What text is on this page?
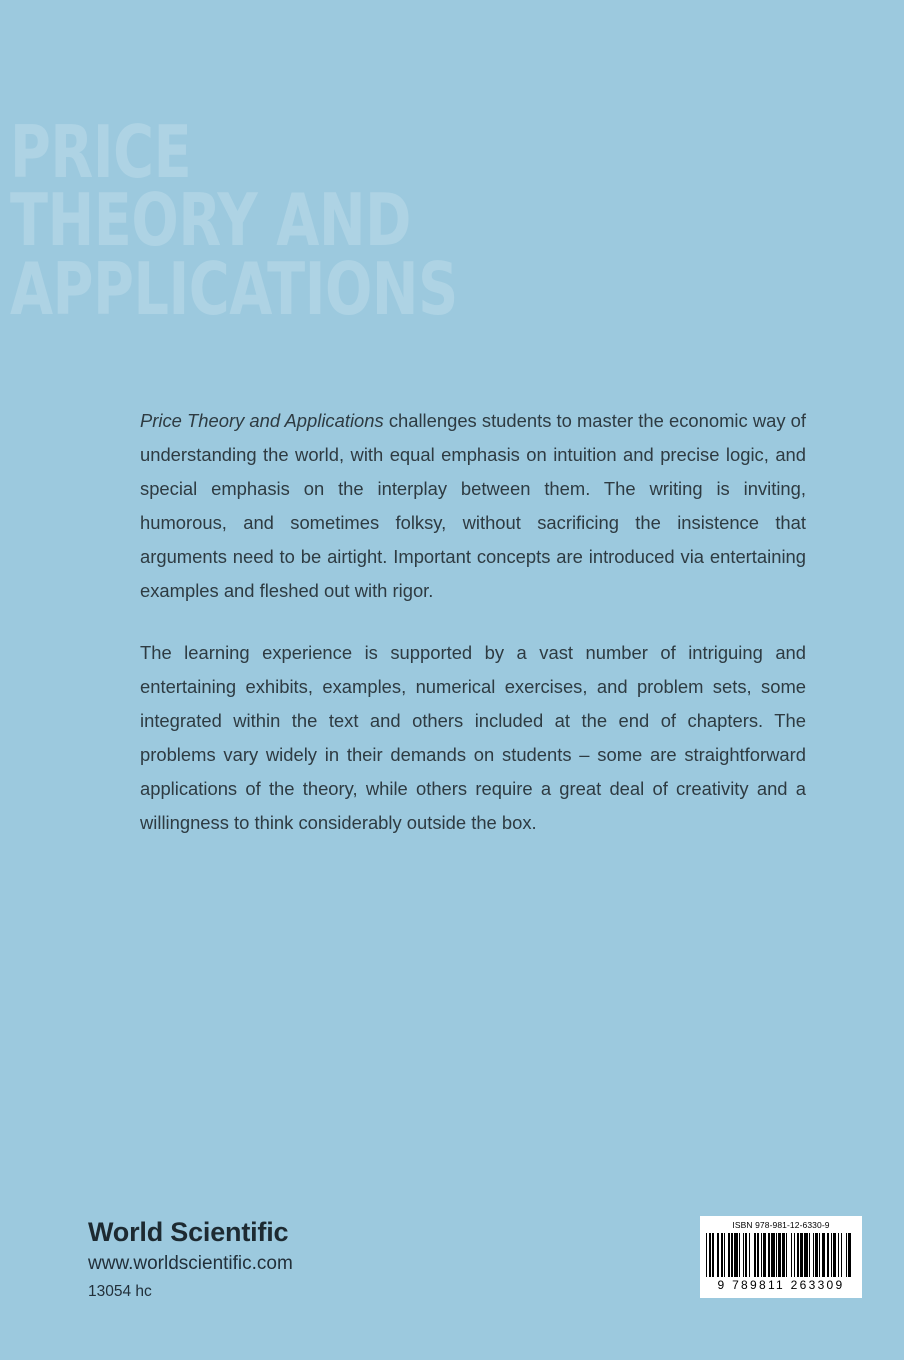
PRICE
THEORY AND
APPLICATIONS

Price Theory and Applications challenges students to master the economic way of understanding the world, with equal emphasis on intuition and precise logic, and special emphasis on the interplay between them. The writing is inviting, humorous, and sometimes folksy, without sacrificing the insistence that arguments need to be airtight. Important concepts are introduced via entertaining examples and fleshed out with rigor.

The learning experience is supported by a vast number of intriguing and entertaining exhibits, examples, numerical exercises, and problem sets, some integrated within the text and others included at the end of chapters. The problems vary widely in their demands on students – some are straightforward applications of the theory, while others require a great deal of creativity and a willingness to think considerably outside the box.

World Scientific
www.worldscientific.com
13054 hc
ISBN 978-981-12-6330-9
9 789811 263309
